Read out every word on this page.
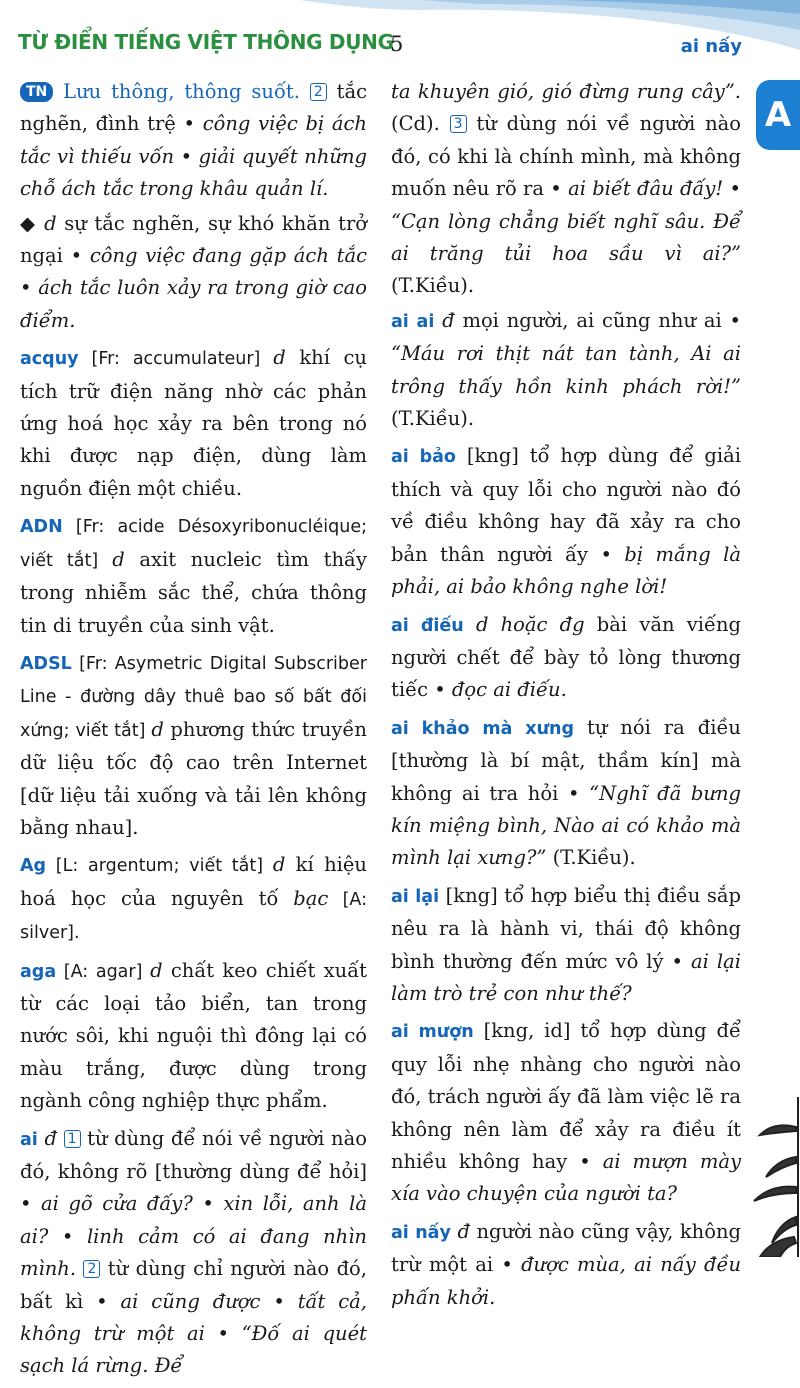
TỪ ĐIỂN TIẾNG VIỆT THÔNG DỤNG
5	ai nấy
A

TN Lưu thông, thông suốt. 2 tắc nghẽn, đình trệ • công việc bị ách tắc vì thiếu vốn • giải quyết những chỗ ách tắc trong khâu quản lí.

◆ d sự tắc nghẽn, sự khó khăn trở ngại • công việc đang gặp ách tắc • ách tắc luôn xảy ra trong giờ cao điểm.

acquy [Fr: accumulateur] d khí cụ tích trữ điện năng nhờ các phản ứng hoá học xảy ra bên trong nó khi được nạp điện, dùng làm nguồn điện một chiều.

ADN [Fr: acide Désoxyribonucléique; viết tắt] d axit nucleic tìm thấy trong nhiễm sắc thể, chứa thông tin di truyền của sinh vật.

ADSL [Fr: Asymetric Digital Subscriber Line - đường dây thuê bao số bất đối xứng; viết tắt] d phương thức truyền dữ liệu tốc độ cao trên Internet [dữ liệu tải xuống và tải lên không bằng nhau].

Ag [L: argentum; viết tắt] d kí hiệu hoá học của nguyên tố bạc [A: silver].

aga [A: agar] d chất keo chiết xuất từ các loại tảo biển, tan trong nước sôi, khi nguội thì đông lại có màu trắng, được dùng trong ngành công nghiệp thực phẩm.

ai đ 1 từ dùng để nói về người nào đó, không rõ [thường dùng để hỏi] • ai gõ cửa đấy? • xin lỗi, anh là ai? • linh cảm có ai đang nhìn mình. 2 từ dùng chỉ người nào đó, bất kì • ai cũng được • tất cả, không trừ một ai • “Đố ai quét sạch lá rừng. Để

ta khuyên gió, gió đừng rung cây”. (Cd). 3 từ dùng nói về người nào đó, có khi là chính mình, mà không muốn nêu rõ ra • ai biết đâu đấy! • “Cạn lòng chẳng biết nghĩ sâu. Để ai trăng tủi hoa sầu vì ai?” (T.Kiều).

ai ai đ mọi người, ai cũng như ai • “Máu rơi thịt nát tan tành, Ai ai trông thấy hồn kinh phách rời!” (T.Kiều).

ai bảo [kng] tổ hợp dùng để giải thích và quy lỗi cho người nào đó về điều không hay đã xảy ra cho bản thân người ấy • bị mắng là phải, ai bảo không nghe lời!

ai điếu d hoặc đg bài văn viếng người chết để bày tỏ lòng thương tiếc • đọc ai điếu.

ai khảo mà xưng tự nói ra điều [thường là bí mật, thầm kín] mà không ai tra hỏi • “Nghĩ đã bưng kín miệng bình, Nào ai có khảo mà mình lại xưng?” (T.Kiều).

ai lại [kng] tổ hợp biểu thị điều sắp nêu ra là hành vi, thái độ không bình thường đến mức vô lý • ai lại làm trò trẻ con như thế?

ai mượn [kng, id] tổ hợp dùng để quy lỗi nhẹ nhàng cho người nào đó, trách người ấy đã làm việc lẽ ra không nên làm để xảy ra điều ít nhiều không hay • ai mượn mày xía vào chuyện của người ta?

ai nấy đ người nào cũng vậy, không trừ một ai • được mùa, ai nấy đều phấn khởi.
